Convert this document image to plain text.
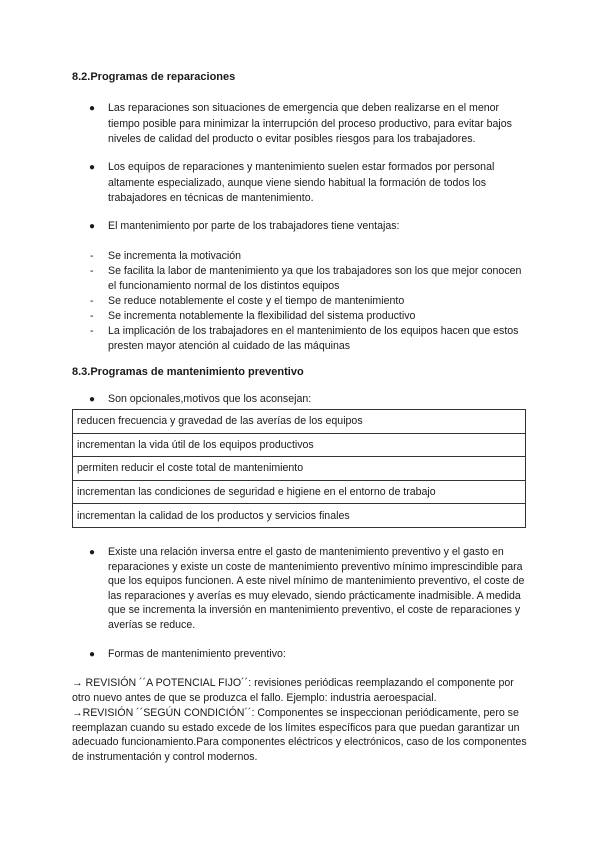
8.2.Programas de reparaciones
● Las reparaciones son situaciones de emergencia que deben realizarse en el menor tiempo posible para minimizar la interrupción del proceso productivo, para evitar bajos niveles de calidad del producto o evitar posibles riesgos para los trabajadores.

● Los equipos de reparaciones y mantenimiento suelen estar formados por personal altamente especializado, aunque viene siendo habitual la formación de todos los trabajadores en técnicas de mantenimiento.

● El mantenimiento por parte de los trabajadores tiene ventajas:

- Se incrementa la motivación
- Se facilita la labor de mantenimiento ya que los trabajadores son los que mejor conocen el funcionamiento normal de los distintos equipos
- Se reduce notablemente el coste y el tiempo de mantenimiento
- Se incrementa notablemente la flexibilidad del sistema productivo
- La implicación de los trabajadores en el mantenimiento de los equipos hacen que estos presten mayor atención al cuidado de las máquinas
8.3.Programas de mantenimiento preventivo
● Son opcionales,motivos que los aconsejan:

reducen frecuencia y gravedad de las averías de los equipos
incrementan la vida útil de los equipos productivos
permiten reducir el coste total de mantenimiento
incrementan las condiciones de seguridad e higiene en el entorno de trabajo
incrementan la calidad de los productos y servicios finales
● Existe una relación inversa entre el gasto de mantenimiento preventivo y el gasto en reparaciones y existe un coste de mantenimiento preventivo mínimo imprescindible para que los equipos funcionen. A este nivel mínimo de mantenimiento preventivo, el coste de las reparaciones y averías es muy elevado, siendo prácticamente inadmisible. A medida que se incrementa la inversión en mantenimiento preventivo, el coste de reparaciones y averías se reduce.

● Formas de mantenimiento preventivo:

→ REVISIÓN ´´A POTENCIAL FIJO´´: revisiones periódicas reemplazando el componente por otro nuevo antes de que se produzca el fallo. Ejemplo: industria aeroespacial.

→REVISIÓN ´´SEGÚN CONDICIÓN´´: Componentes se inspeccionan periódicamente, pero se reemplazan cuando su estado excede de los límites específicos para que puedan garantizar un adecuado funcionamiento.Para componentes eléctricos y electrónicos, caso de los componentes de instrumentación y control modernos.
